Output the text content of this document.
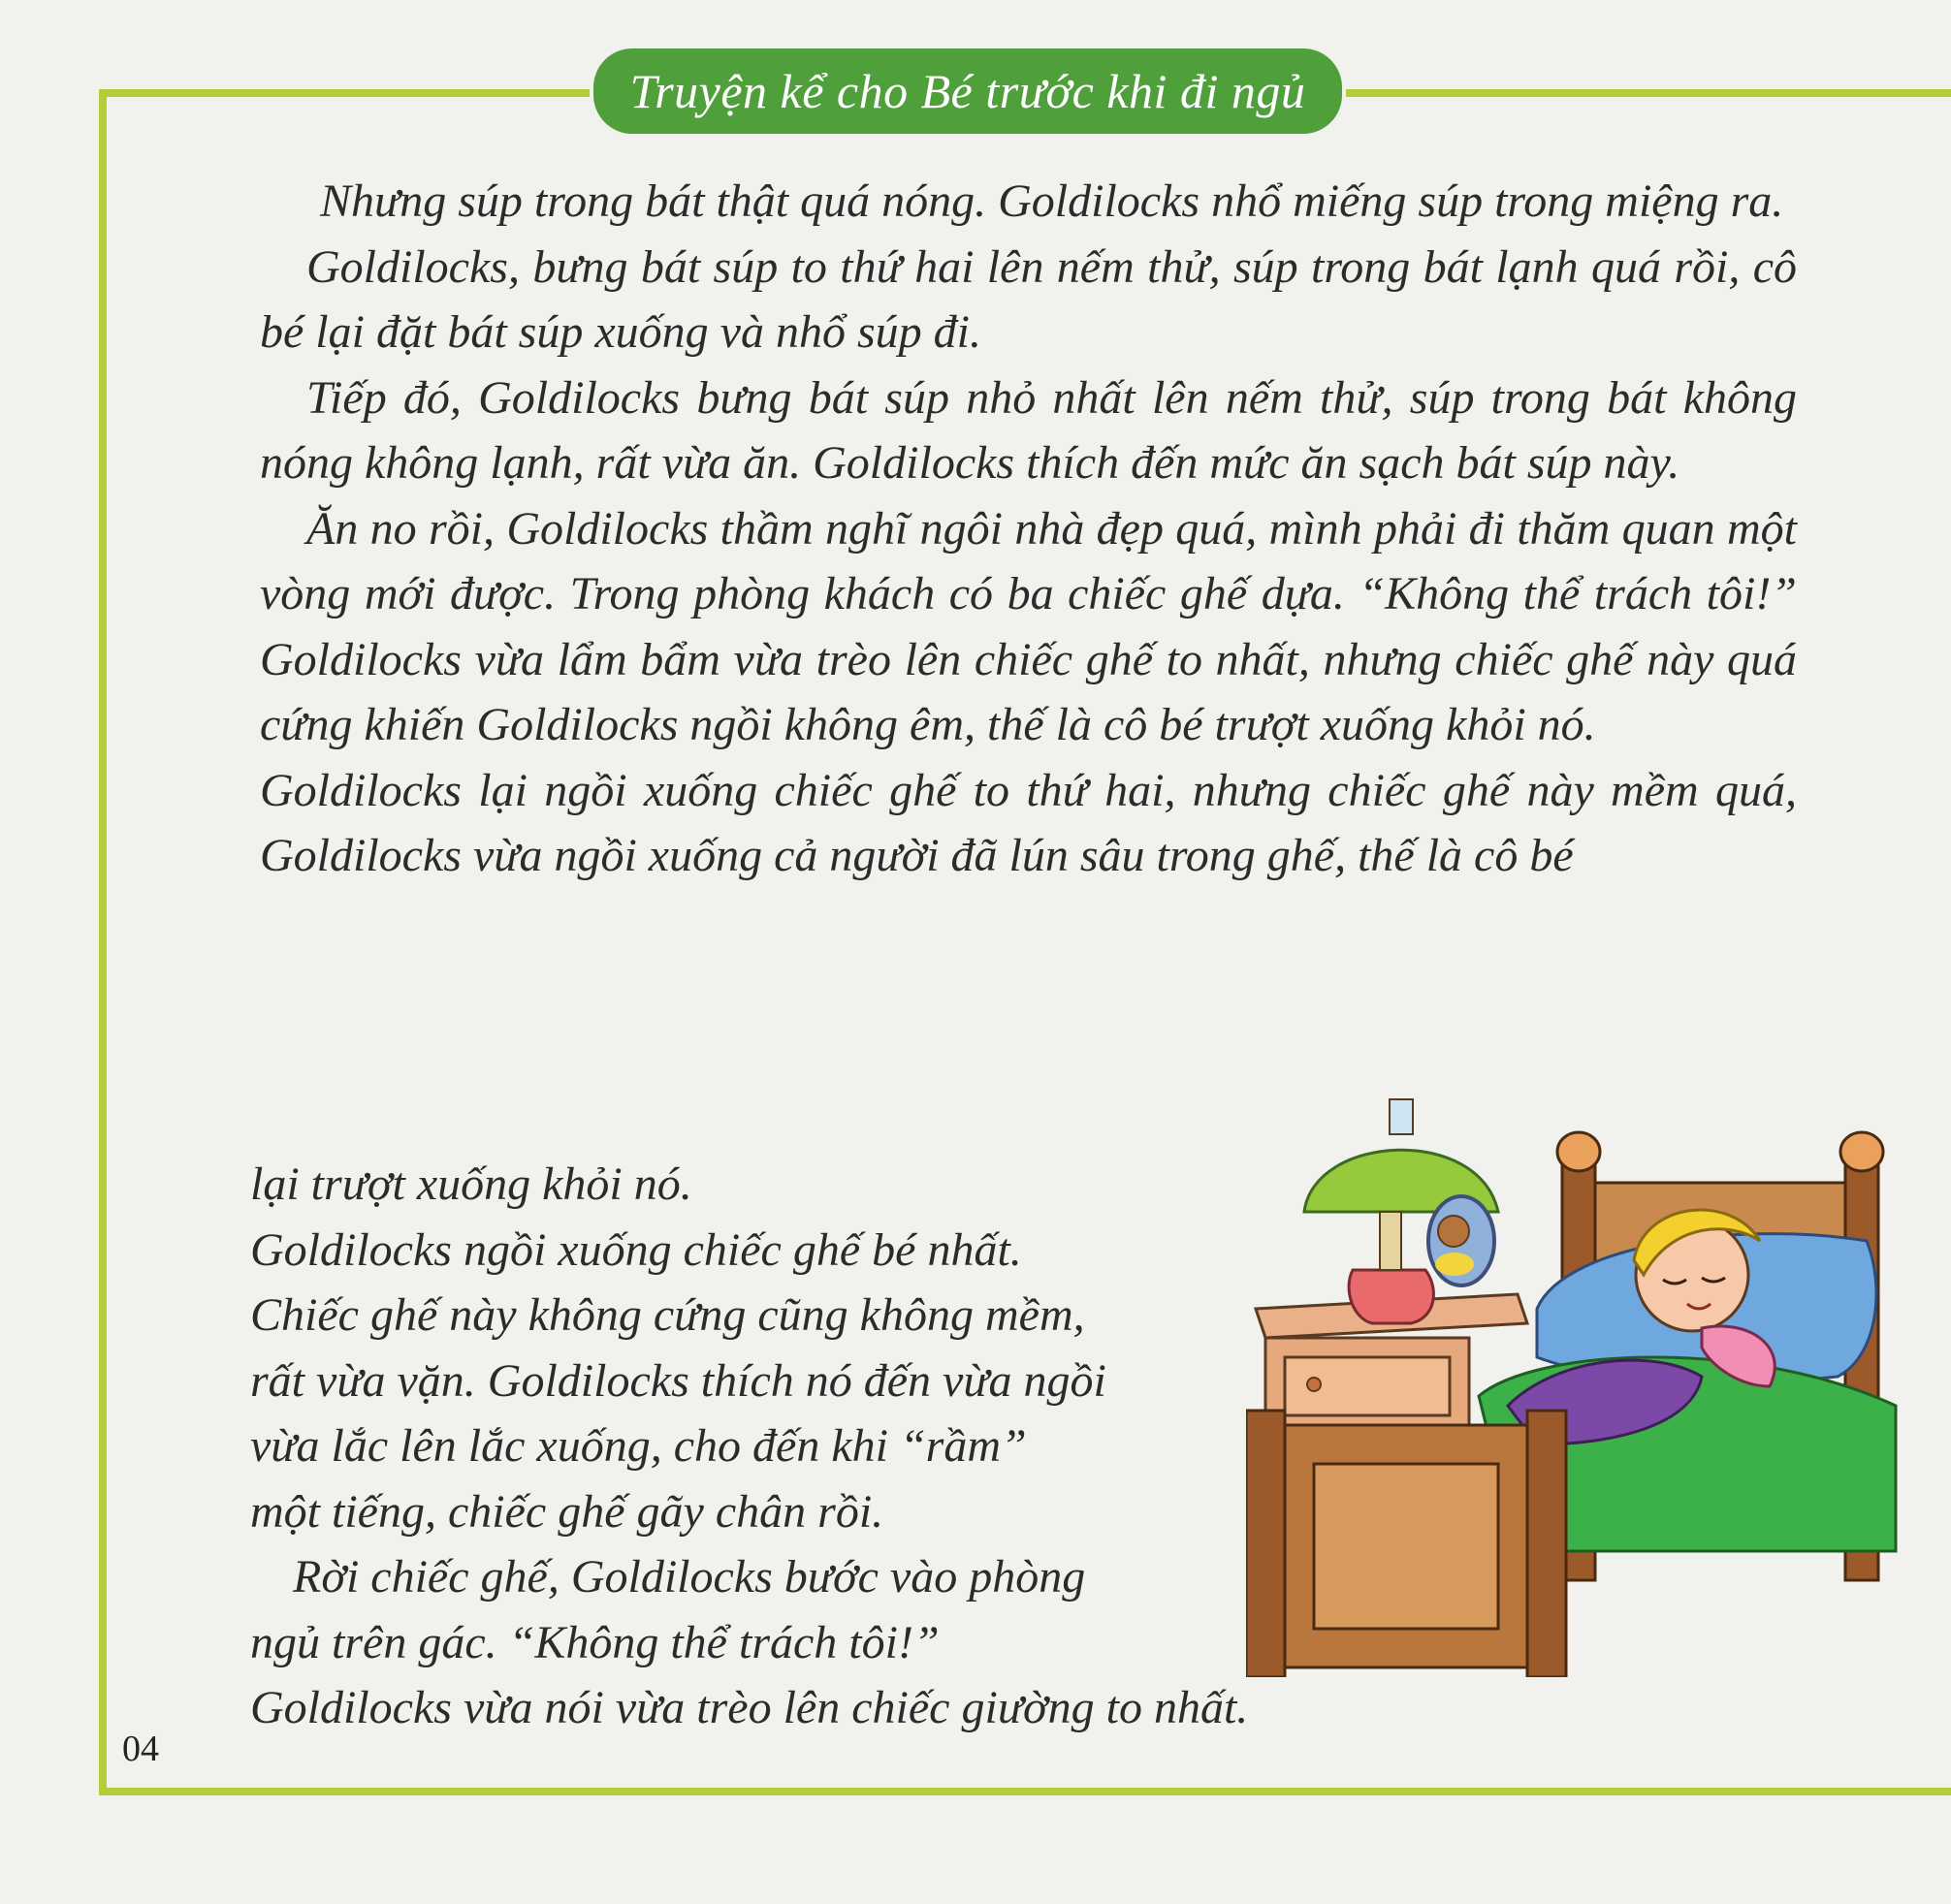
Truyện kể cho Bé trước khi đi ngủ

Nhưng súp trong bát thật quá nóng. Goldilocks nhổ miếng súp trong miệng ra.

Goldilocks, bưng bát súp to thứ hai lên nếm thử, súp trong bát lạnh quá rồi, cô bé lại đặt bát súp xuống và nhổ súp đi.

Tiếp đó, Goldilocks bưng bát súp nhỏ nhất lên nếm thử, súp trong bát không nóng không lạnh, rất vừa ăn. Goldilocks thích đến mức ăn sạch bát súp này.

Ăn no rồi, Goldilocks thầm nghĩ ngôi nhà đẹp quá, mình phải đi thăm quan một vòng mới được. Trong phòng khách có ba chiếc ghế dựa. “Không thể trách tôi!” Goldilocks vừa lẩm bẩm vừa trèo lên chiếc ghế to nhất, nhưng chiếc ghế này quá cứng khiến Goldilocks ngồi không êm, thế là cô bé trượt xuống khỏi nó.

Goldilocks lại ngồi xuống chiếc ghế to thứ hai, nhưng chiếc ghế này mềm quá, Goldilocks vừa ngồi xuống cả người đã lún sâu trong ghế, thế là cô bé

lại trượt xuống khỏi nó.

Goldilocks ngồi xuống chiếc ghế bé nhất.

Chiếc ghế này không cứng cũng không mềm,

rất vừa vặn. Goldilocks thích nó đến vừa ngồi

vừa lắc lên lắc xuống, cho đến khi “rầm”

một tiếng, chiếc ghế gãy chân rồi.

Rời chiếc ghế, Goldilocks bước vào phòng

ngủ trên gác. “Không thể trách tôi!”

Goldilocks vừa nói vừa trèo lên chiếc giường to nhất.

04
